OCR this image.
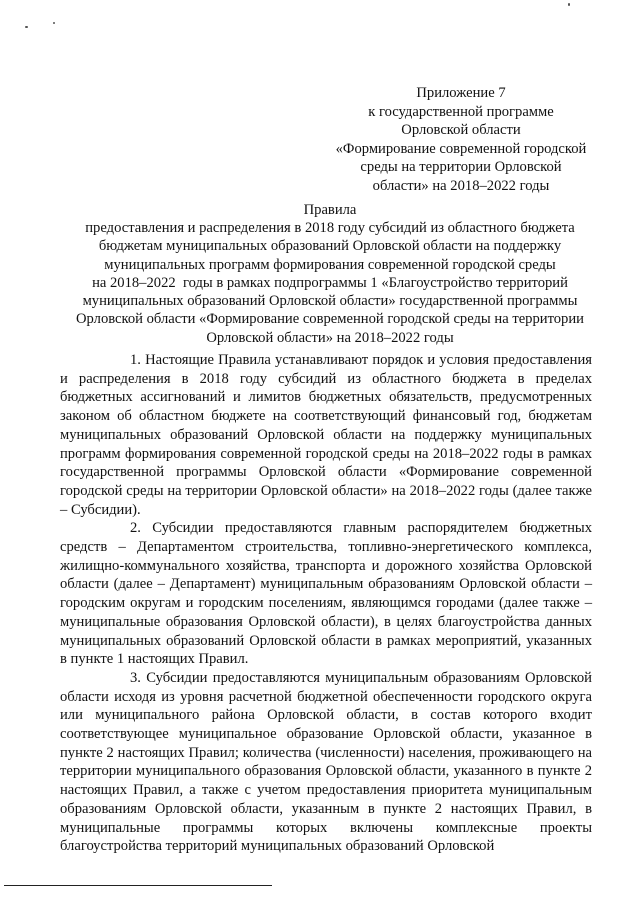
Приложение 7
к государственной программе
Орловской области
«Формирование современной городской
среды на территории Орловской
области» на 2018–2022 годы
Правила
предоставления и распределения в 2018 году субсидий из областного бюджета
бюджетам муниципальных образований Орловской области на поддержку
муниципальных программ формирования современной городской среды
на 2018–2022  годы в рамках подпрограммы 1 «Благоустройство территорий
муниципальных образований Орловской области» государственной программы
Орловской области «Формирование современной городской среды на территории
Орловской области» на 2018–2022 годы

1. Настоящие Правила устанавливают порядок и условия предоставления и распределения в 2018 году субсидий из областного бюджета в пределах бюджетных ассигнований и лимитов бюджетных обязательств, предусмотренных законом об областном бюджете на соответствующий финансовый год, бюджетам муниципальных образований Орловской области на поддержку муниципальных программ формирования современной городской среды на 2018–2022 годы в рамках государственной программы Орловской области «Формирование современной городской среды на территории Орловской области» на 2018–2022 годы (далее также – Субсидии).

2. Субсидии предоставляются главным распорядителем бюджетных средств – Департаментом строительства, топливно-энергетического комплекса, жилищно-коммунального хозяйства, транспорта и дорожного хозяйства Орловской области (далее – Департамент) муниципальным образованиям Орловской области – городским округам и городским поселениям, являющимся городами (далее также – муниципальные образования Орловской области), в целях благоустройства данных муниципальных образований Орловской области в рамках мероприятий, указанных в пункте 1 настоящих Правил.

3. Субсидии предоставляются муниципальным образованиям Орловской области исходя из уровня расчетной бюджетной обеспеченности городского округа или муниципального района Орловской области, в состав которого входит соответствующее муниципальное образование Орловской области, указанное в пункте 2 настоящих Правил; количества (численности) населения, проживающего на территории муниципального образования Орловской области, указанного в пункте 2 настоящих Правил, а также с учетом предоставления приоритета муниципальным образованиям Орловской области, указанным в пункте 2 настоящих Правил, в муниципальные программы которых включены комплексные проекты благоустройства территорий муниципальных образований Орловской
